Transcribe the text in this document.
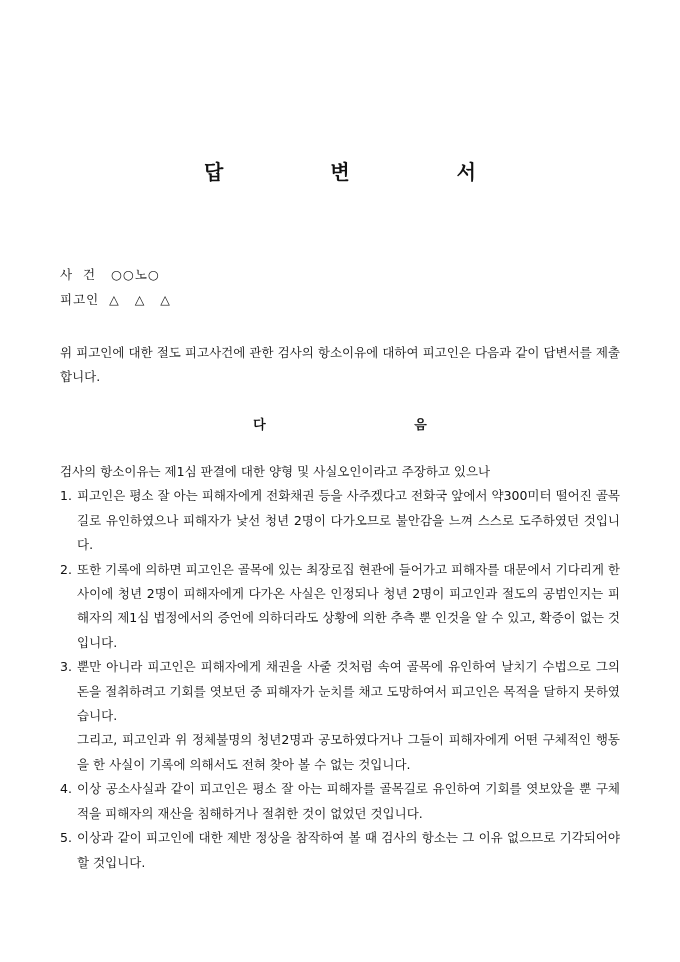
답 변 서
사  건   ○○노○
피고인  △   △   △
위 피고인에 대한 절도 피고사건에 관한 검사의 항소이유에 대하여 피고인은 다음과 같이 답변서를 제출합니다.
다 음

검사의 항소이유는 제1심 판결에 대한 양형 및 사실오인이라고 주장하고 있으나

1. 피고인은 평소 잘 아는 피해자에게 전화채권 등을 사주겠다고 전화국 앞에서 약300미터 떨어진 골목길로 유인하였으나 피해자가 낯선 청년 2명이 다가오므로 불안감을 느껴 스스로 도주하였던 것입니다.
2. 또한 기록에 의하면 피고인은 골목에 있는 최장로집 현관에 들어가고 피해자를 대문에서 기다리게 한 사이에 청년 2명이 피해자에게 다가온 사실은 인정되나 청년 2명이 피고인과 절도의 공범인지는 피해자의 제1심 법정에서의 증언에 의하더라도 상황에 의한 추측 뿐 인것을 알 수 있고, 확증이 없는 것입니다.
3. 뿐만 아니라 피고인은 피해자에게 채권을 사줄 것처럼 속여 골목에 유인하여 날치기 수법으로 그의 돈을 절취하려고 기회를 엿보던 중 피해자가 눈치를 채고 도망하여서 피고인은 목적을 달하지 못하였습니다.
그리고, 피고인과 위 정체불명의 청년2명과 공모하였다거나 그들이 피해자에게 어떤 구체적인 행동을 한 사실이 기록에 의해서도 전혀 찾아 볼 수 없는 것입니다.
4. 이상 공소사실과 같이 피고인은 평소 잘 아는 피해자를 골목길로 유인하여 기회를 엿보았을 뿐 구체적을 피해자의 재산을 침해하거나 절취한 것이 없었던 것입니다.
5. 이상과 같이 피고인에 대한 제반 정상을 참작하여 볼 때 검사의 항소는 그 이유 없으므로 기각되어야 할 것입니다.
